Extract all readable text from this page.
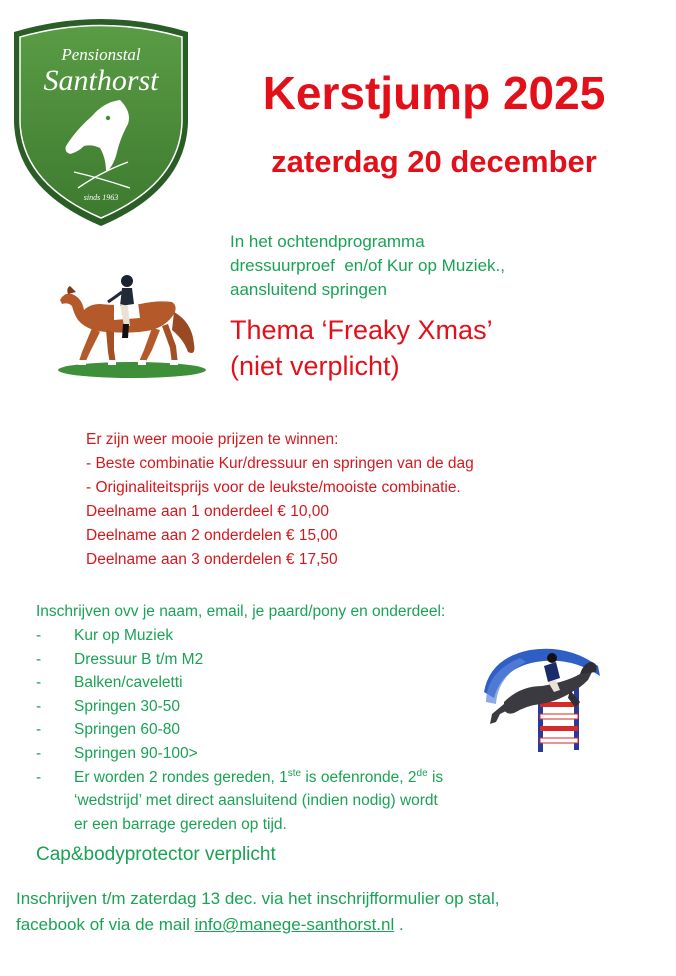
Pensionstal
Santhorst
sinds 1963
Kerstjump 2025
zaterdag 20 december
In het ochtendprogramma
dressuurproef  en/of Kur op Muziek.,
aansluitend springen
Thema ‘Freaky Xmas’
(niet verplicht)
Er zijn weer mooie prijzen te winnen:
- Beste combinatie Kur/dressuur en springen van de dag
- Originaliteitsprijs voor de leukste/mooiste combinatie.
Deelname aan 1 onderdeel € 10,00
Deelname aan 2 onderdelen € 15,00
Deelname aan 3 onderdelen € 17,50
Inschrijven ovv je naam, email, je paard/pony en onderdeel:
- Kur op Muziek
- Dressuur B t/m M2
- Balken/caveletti
- Springen 30-50
- Springen 60-80
- Springen 90-100>
- Er worden 2 rondes gereden, 1ste is oefenronde, 2de is
‘wedstrijd’ met direct aansluitend (indien nodig) wordt
er een barrage gereden op tijd.
Cap&bodyprotector verplicht
Inschrijven t/m zaterdag 13 dec. via het inschrijfformulier op stal,
facebook of via de mail info@manege-santhorst.nl .
